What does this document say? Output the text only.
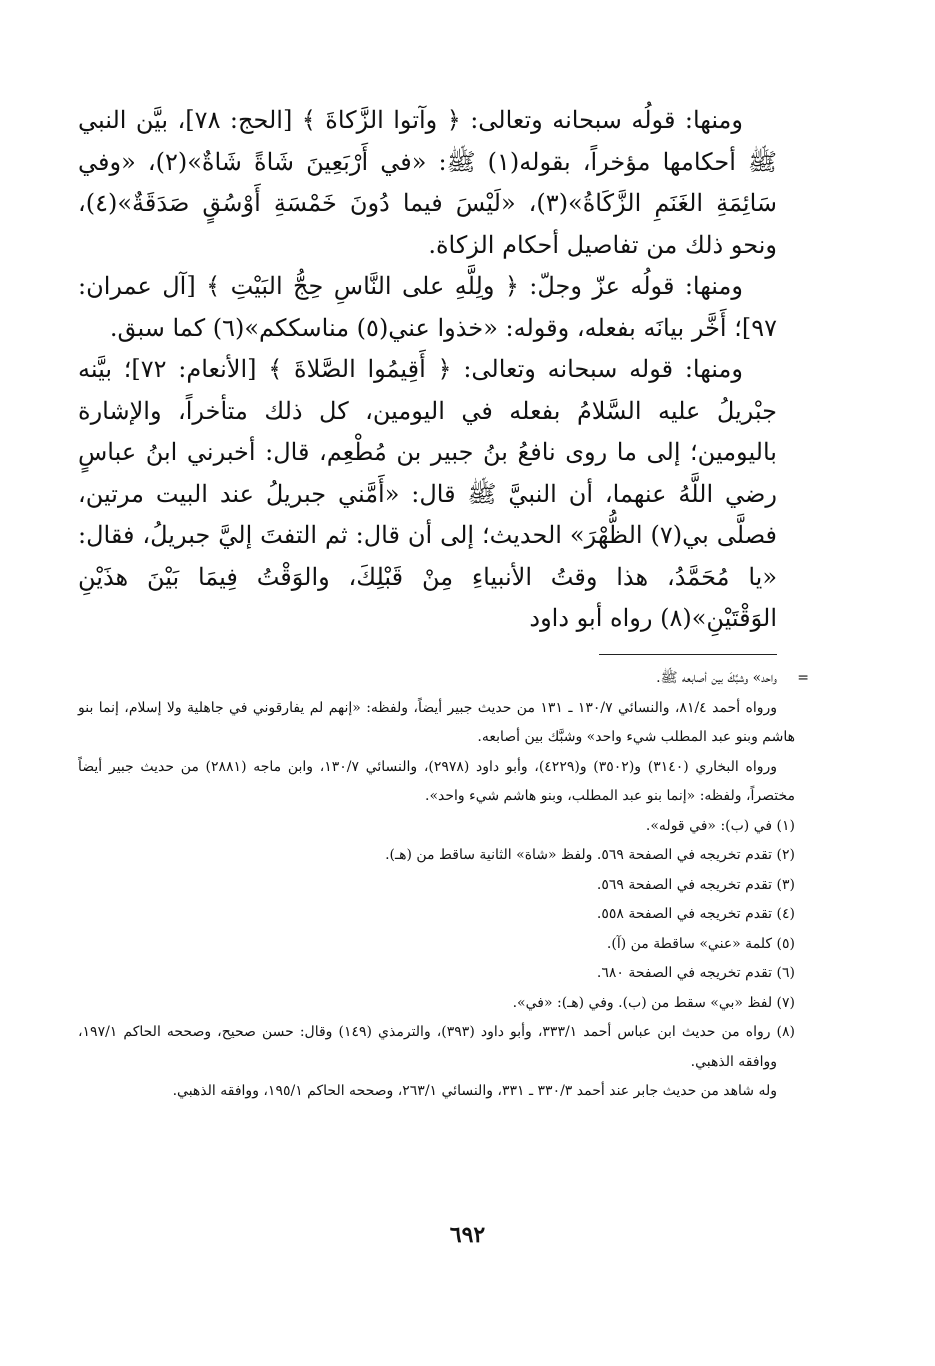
ومنها: قولُه سبحانه وتعالى: ﴿ وآتوا الزَّكاةَ ﴾ [الحج: ٧٨]، بيَّن النبي ﷺ أحكامها مؤخراً، بقوله(١) ﷺ: «في أَرْبَعِينَ شَاةً شَاةٌ»(٢)، «وفي سَائِمَةِ الغَنَمِ الزَّكَاةُ»(٣)، «لَيْسَ فيما دُونَ خَمْسَةِ أَوْسُقٍ صَدَقَةٌ»(٤)، ونحو ذلك من تفاصيل أحكام الزكاة.

ومنها: قولُه عزّ وجلّ: ﴿ ولِلَّهِ على النَّاسِ حِجُّ البَيْتِ ﴾ [آل عمران: ٩٧]؛ أَخَّر بيانَه بفعله، وقوله: «خذوا عني(٥) مناسككم»(٦) كما سبق.

ومنها: قوله سبحانه وتعالى: ﴿ أَقِيمُوا الصَّلاةَ ﴾ [الأنعام: ٧٢]؛ بيَّنه جبْريلُ عليه السَّلامُ بفعله في اليومين، كل ذلك متأخراً، والإشارة باليومين؛ إلى ما روى نافعُ بنُ جبير بن مُطْعِم، قال: أخبرني ابنُ عباسٍ رضي اللَّهُ عنهما، أن النبيَّ ﷺ قال: «أَمَّني جبريلُ عند البيت مرتين، فصلَّى بي(٧) الظُّهْرَ» الحديث؛ إلى أن قال: ثم التفتَ إليَّ جبريلُ، فقال: «يا مُحَمَّدُ، هذا وقتُ الأنبياءِ مِنْ قَبْلِكَ، والوَقْتُ فِيمَا بَيْنَ هذَيْنِ الوَقْتَيْنِ»(٨) رواه أبو داود

=
واحد» وشبَّكَ بين أصابعه ﷺ.

ورواه أحمد ٨١/٤، والنسائي ١٣٠/٧ ـ ١٣١ من حديث جبير أيضاً، ولفظه: «إنهم لم يفارقوني في جاهلية ولا إسلام، إنما بنو هاشم وبنو عبد المطلب شيء واحد» وشبَّك بين أصابعه.

ورواه البخاري (٣١٤٠) و(٣٥٠٢) و(٤٢٢٩)، وأبو داود (٢٩٧٨)، والنسائي ١٣٠/٧، وابن ماجه (٢٨٨١) من حديث جبير أيضاً مختصراً، ولفظه: «إنما بنو عبد المطلب، وبنو هاشم شيء واحد».

(١) في (ب): «في قوله».

(٢) تقدم تخريجه في الصفحة ٥٦٩. ولفظ «شاة» الثانية ساقط من (هـ).

(٣) تقدم تخريجه في الصفحة ٥٦٩.

(٤) تقدم تخريجه في الصفحة ٥٥٨.

(٥) كلمة «عني» ساقطة من (آ).

(٦) تقدم تخريجه في الصفحة ٦٨٠.

(٧) لفظ «بي» سقط من (ب). وفي (هـ): «في».

(٨) رواه من حديث ابن عباس أحمد ٣٣٣/١، وأبو داود (٣٩٣)، والترمذي (١٤٩) وقال: حسن صحيح، وصححه الحاكم ١٩٧/١، ووافقه الذهبي.

وله شاهد من حديث جابر عند أحمد ٣٣٠/٣ ـ ٣٣١، والنسائي ٢٦٣/١، وصححه الحاكم ١٩٥/١، ووافقه الذهبي.

٦٩٢
